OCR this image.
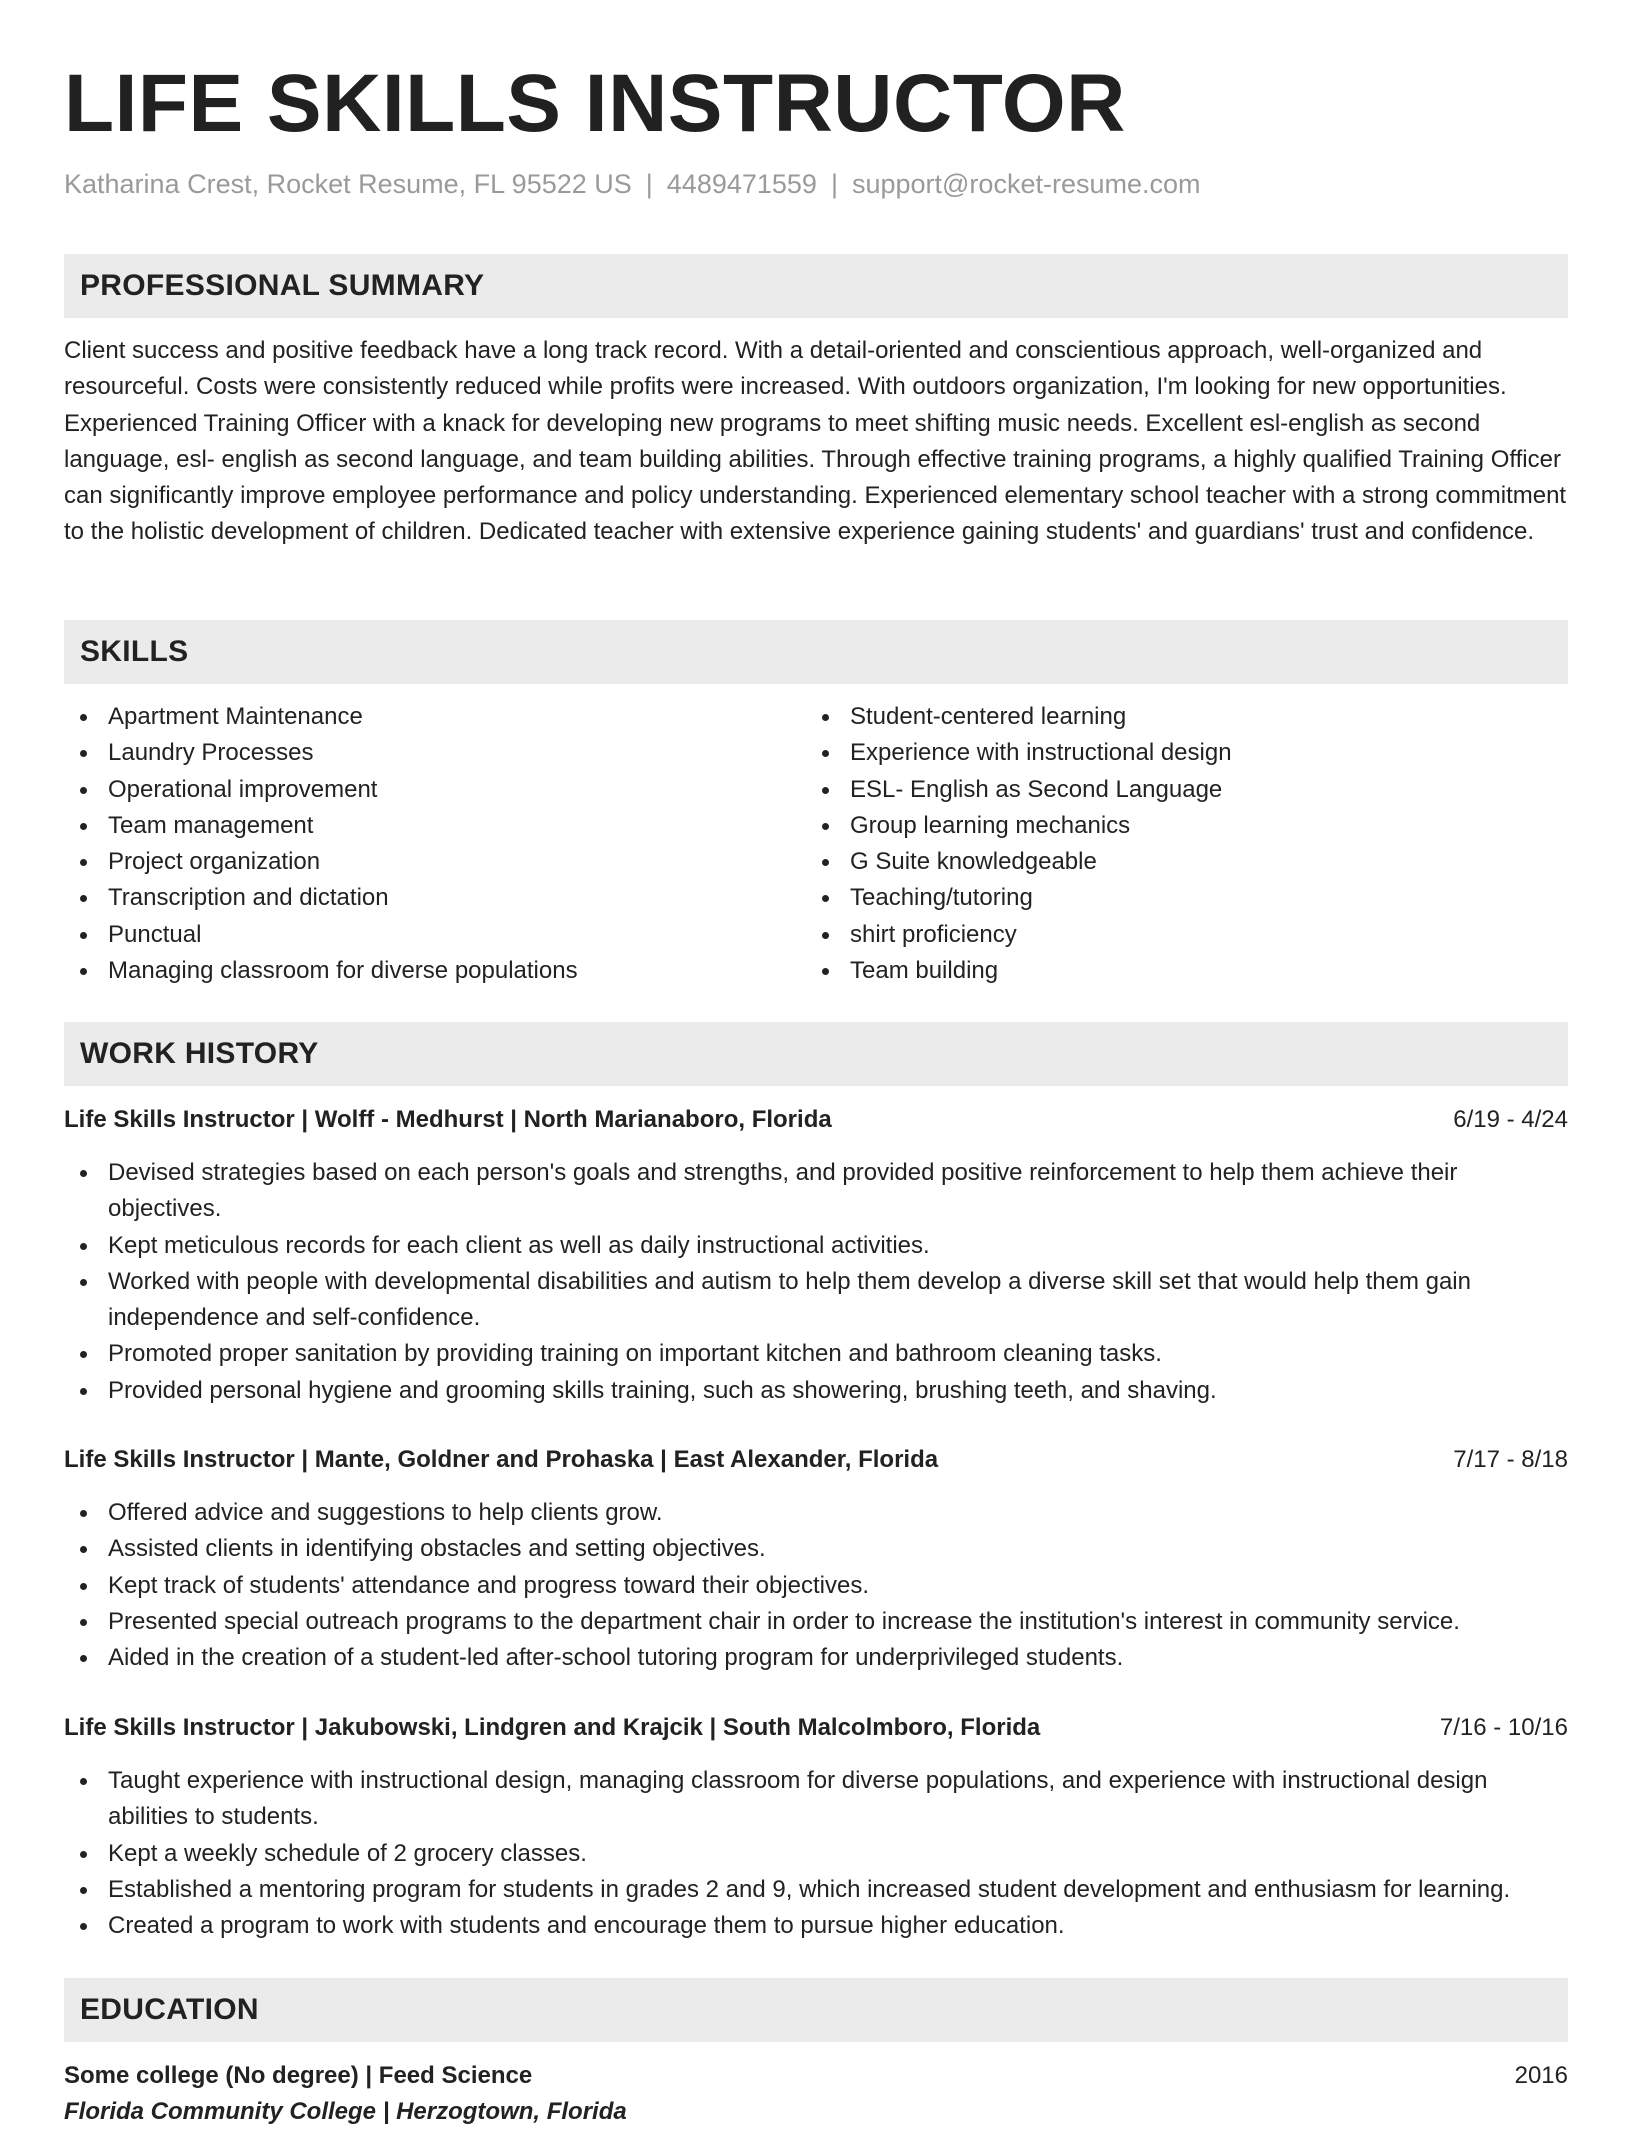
LIFE SKILLS INSTRUCTOR
Katharina Crest, Rocket Resume, FL 95522 US | 4489471559 | support@rocket-resume.com
PROFESSIONAL SUMMARY

Client success and positive feedback have a long track record. With a detail-oriented and conscientious approach, well-organized and resourceful. Costs were consistently reduced while profits were increased. With outdoors organization, I'm looking for new opportunities. Experienced Training Officer with a knack for developing new programs to meet shifting music needs. Excellent esl-english as second language, esl- english as second language, and team building abilities. Through effective training programs, a highly qualified Training Officer can significantly improve employee performance and policy understanding. Experienced elementary school teacher with a strong commitment to the holistic development of children. Dedicated teacher with extensive experience gaining students' and guardians' trust and confidence.

SKILLS
Apartment Maintenance
Laundry Processes
Operational improvement
Team management
Project organization
Transcription and dictation
Punctual
Managing classroom for diverse populations
Student-centered learning
Experience with instructional design
ESL- English as Second Language
Group learning mechanics
G Suite knowledgeable
Teaching/tutoring
shirt proficiency
Team building
WORK HISTORY
Life Skills Instructor | Wolff - Medhurst | North Marianaboro, Florida	6/19 - 4/24
Devised strategies based on each person's goals and strengths, and provided positive reinforcement to help them achieve their objectives.
Kept meticulous records for each client as well as daily instructional activities.
Worked with people with developmental disabilities and autism to help them develop a diverse skill set that would help them gain independence and self-confidence.
Promoted proper sanitation by providing training on important kitchen and bathroom cleaning tasks.
Provided personal hygiene and grooming skills training, such as showering, brushing teeth, and shaving.
Life Skills Instructor | Mante, Goldner and Prohaska | East Alexander, Florida	7/17 - 8/18
Offered advice and suggestions to help clients grow.
Assisted clients in identifying obstacles and setting objectives.
Kept track of students' attendance and progress toward their objectives.
Presented special outreach programs to the department chair in order to increase the institution's interest in community service.
Aided in the creation of a student-led after-school tutoring program for underprivileged students.
Life Skills Instructor | Jakubowski, Lindgren and Krajcik | South Malcolmboro, Florida	7/16 - 10/16
Taught experience with instructional design, managing classroom for diverse populations, and experience with instructional design abilities to students.
Kept a weekly schedule of 2 grocery classes.
Established a mentoring program for students in grades 2 and 9, which increased student development and enthusiasm for learning.
Created a program to work with students and encourage them to pursue higher education.
EDUCATION
Some college (No degree) | Feed Science	2016
Florida Community College | Herzogtown, Florida
